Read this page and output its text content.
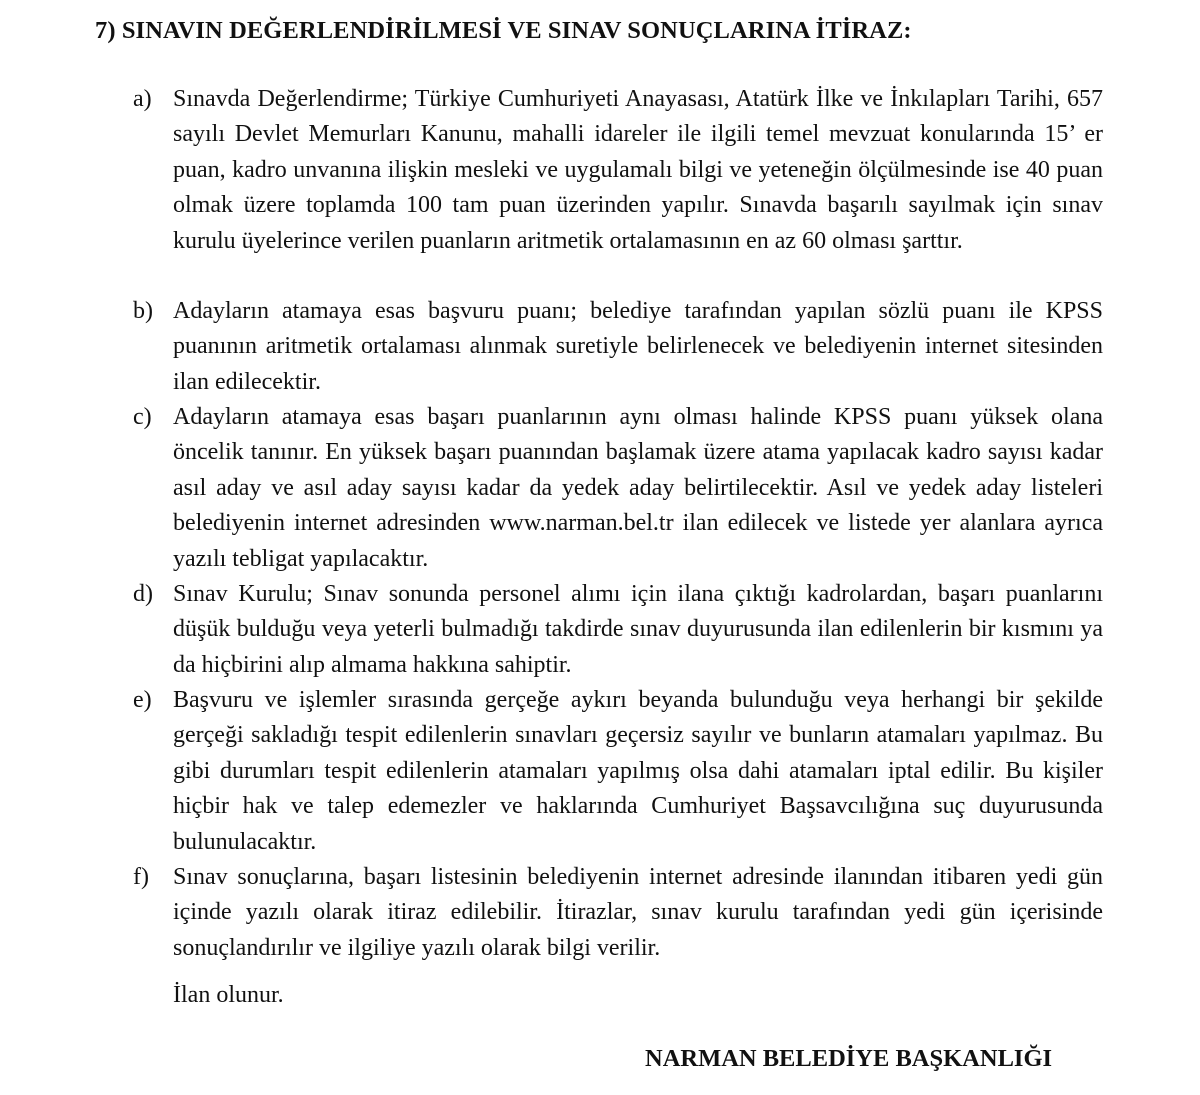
7) SINAVIN DEĞERLENDİRİLMESİ VE SINAV SONUÇLARINA İTİRAZ:
a) Sınavda Değerlendirme; Türkiye Cumhuriyeti Anayasası, Atatürk İlke ve İnkılapları Tarihi, 657 sayılı Devlet Memurları Kanunu, mahalli idareler ile ilgili temel mevzuat konularında 15’ er puan, kadro unvanına ilişkin mesleki ve uygulamalı bilgi ve yeteneğin ölçülmesinde ise 40 puan olmak üzere toplamda 100 tam puan üzerinden yapılır. Sınavda başarılı sayılmak için sınav kurulu üyelerince verilen puanların aritmetik ortalamasının en az 60 olması şarttır.

b) Adayların atamaya esas başvuru puanı; belediye tarafından yapılan sözlü puanı ile KPSS puanının aritmetik ortalaması alınmak suretiyle belirlenecek ve belediyenin internet sitesinden ilan edilecektir.

c) Adayların atamaya esas başarı puanlarının aynı olması halinde KPSS puanı yüksek olana öncelik tanınır. En yüksek başarı puanından başlamak üzere atama yapılacak kadro sayısı kadar asıl aday ve asıl aday sayısı kadar da yedek aday belirtilecektir. Asıl ve yedek aday listeleri belediyenin internet adresinden www.narman.bel.tr ilan edilecek ve listede yer alanlara ayrıca yazılı tebligat yapılacaktır.

d) Sınav Kurulu; Sınav sonunda personel alımı için ilana çıktığı kadrolardan, başarı puanlarını düşük bulduğu veya yeterli bulmadığı takdirde sınav duyurusunda ilan edilenlerin bir kısmını ya da hiçbirini alıp almama hakkına sahiptir.

e) Başvuru ve işlemler sırasında gerçeğe aykırı beyanda bulunduğu veya herhangi bir şekilde gerçeği sakladığı tespit edilenlerin sınavları geçersiz sayılır ve bunların atamaları yapılmaz. Bu gibi durumları tespit edilenlerin atamaları yapılmış olsa dahi atamaları iptal edilir. Bu kişiler hiçbir hak ve talep edemezler ve haklarında Cumhuriyet Başsavcılığına suç duyurusunda bulunulacaktır.

f) Sınav sonuçlarına, başarı listesinin belediyenin internet adresinde ilanından itibaren yedi gün içinde yazılı olarak itiraz edilebilir. İtirazlar, sınav kurulu tarafından yedi gün içerisinde sonuçlandırılır ve ilgiliye yazılı olarak bilgi verilir.

İlan olunur.

NARMAN BELEDİYE BAŞKANLIĞI
